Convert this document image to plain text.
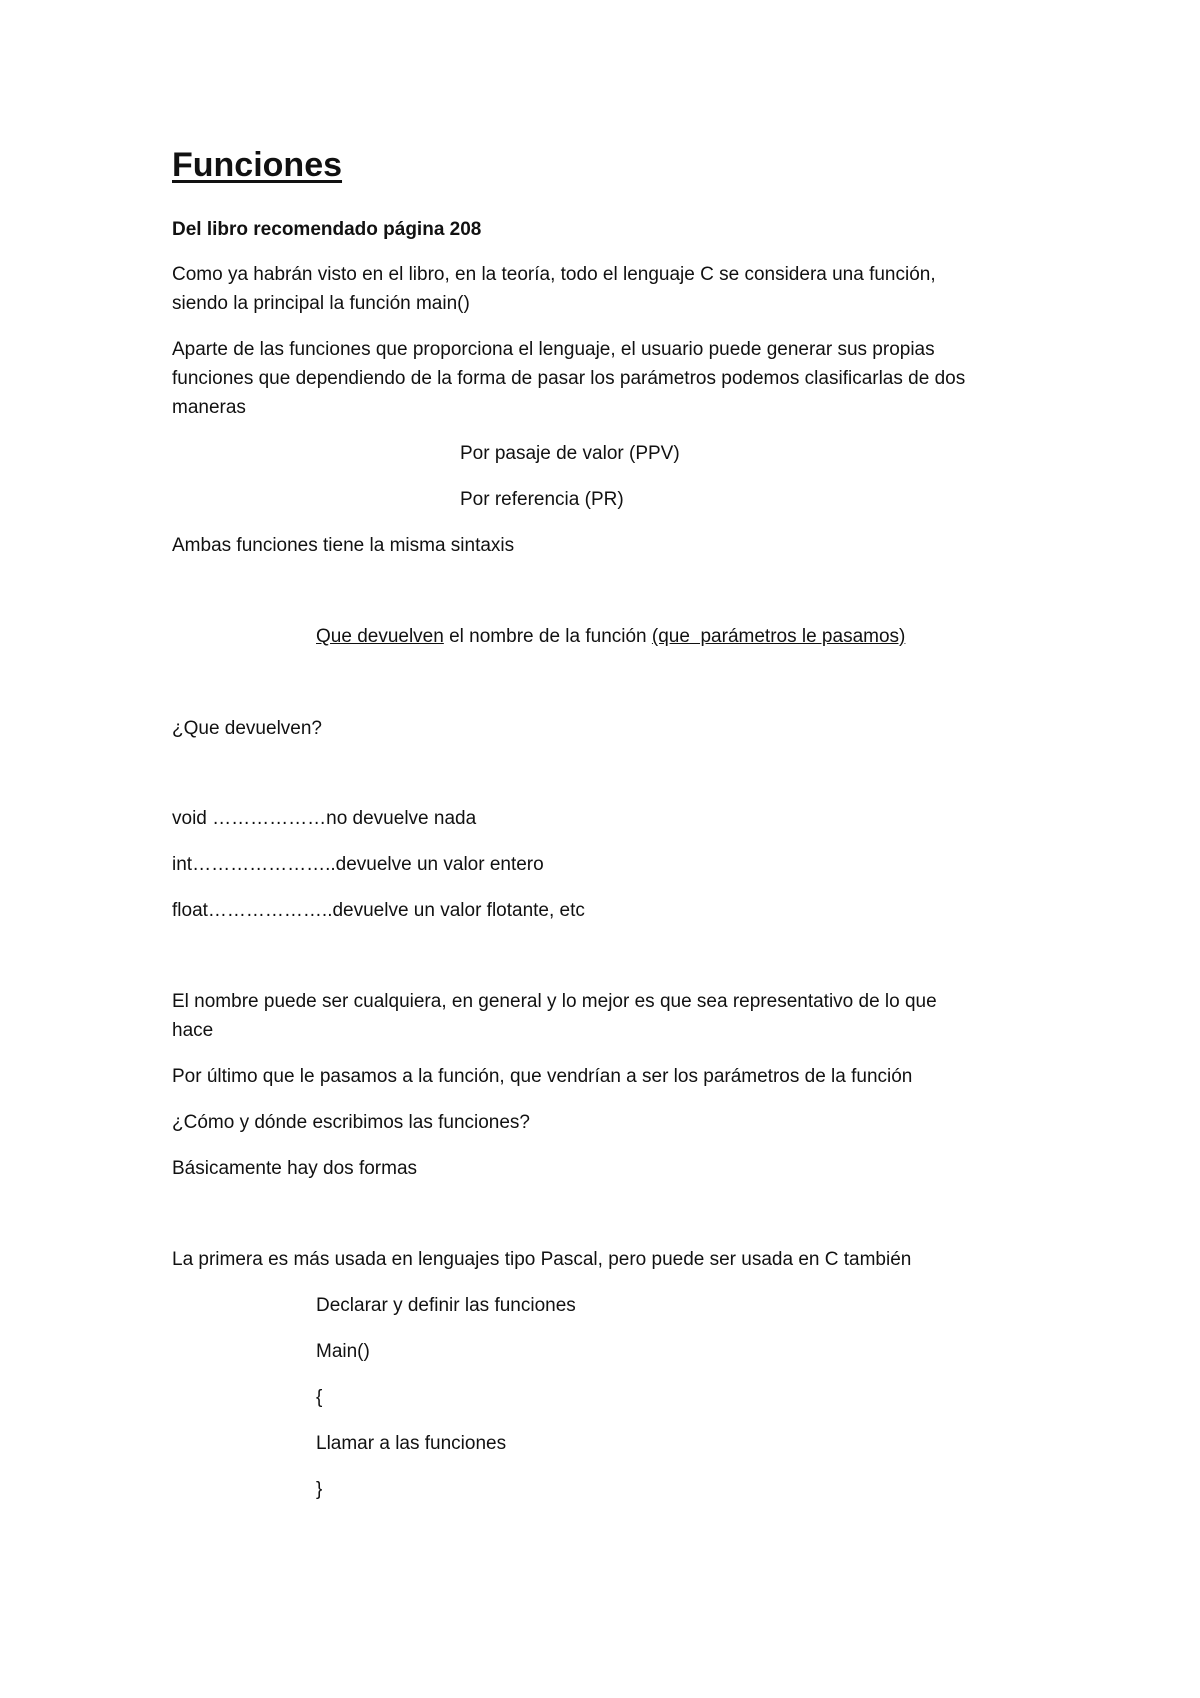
Funciones

Del libro recomendado página 208

Como ya habrán visto en el libro, en la teoría, todo el lenguaje C se considera una función,

siendo la principal la función main()

Aparte de las funciones que proporciona el lenguaje, el usuario puede generar sus propias

funciones que dependiendo de la forma de pasar los parámetros podemos clasificarlas de dos

maneras

Por pasaje de valor (PPV)

Por referencia (PR)

Ambas funciones tiene la misma sintaxis

Que devuelven el nombre de la función (que  parámetros le pasamos)

¿Que devuelven?

void ………………no devuelve nada

int…………………..devuelve un valor entero

float………………..devuelve un valor flotante, etc

El nombre puede ser cualquiera, en general y lo mejor es que sea representativo de lo que

hace

Por último que le pasamos a la función, que vendrían a ser los parámetros de la función

¿Cómo y dónde escribimos las funciones?

Básicamente hay dos formas

La primera es más usada en lenguajes tipo Pascal, pero puede ser usada en C también

Declarar y definir las funciones

Main()

{

Llamar a las funciones

}
